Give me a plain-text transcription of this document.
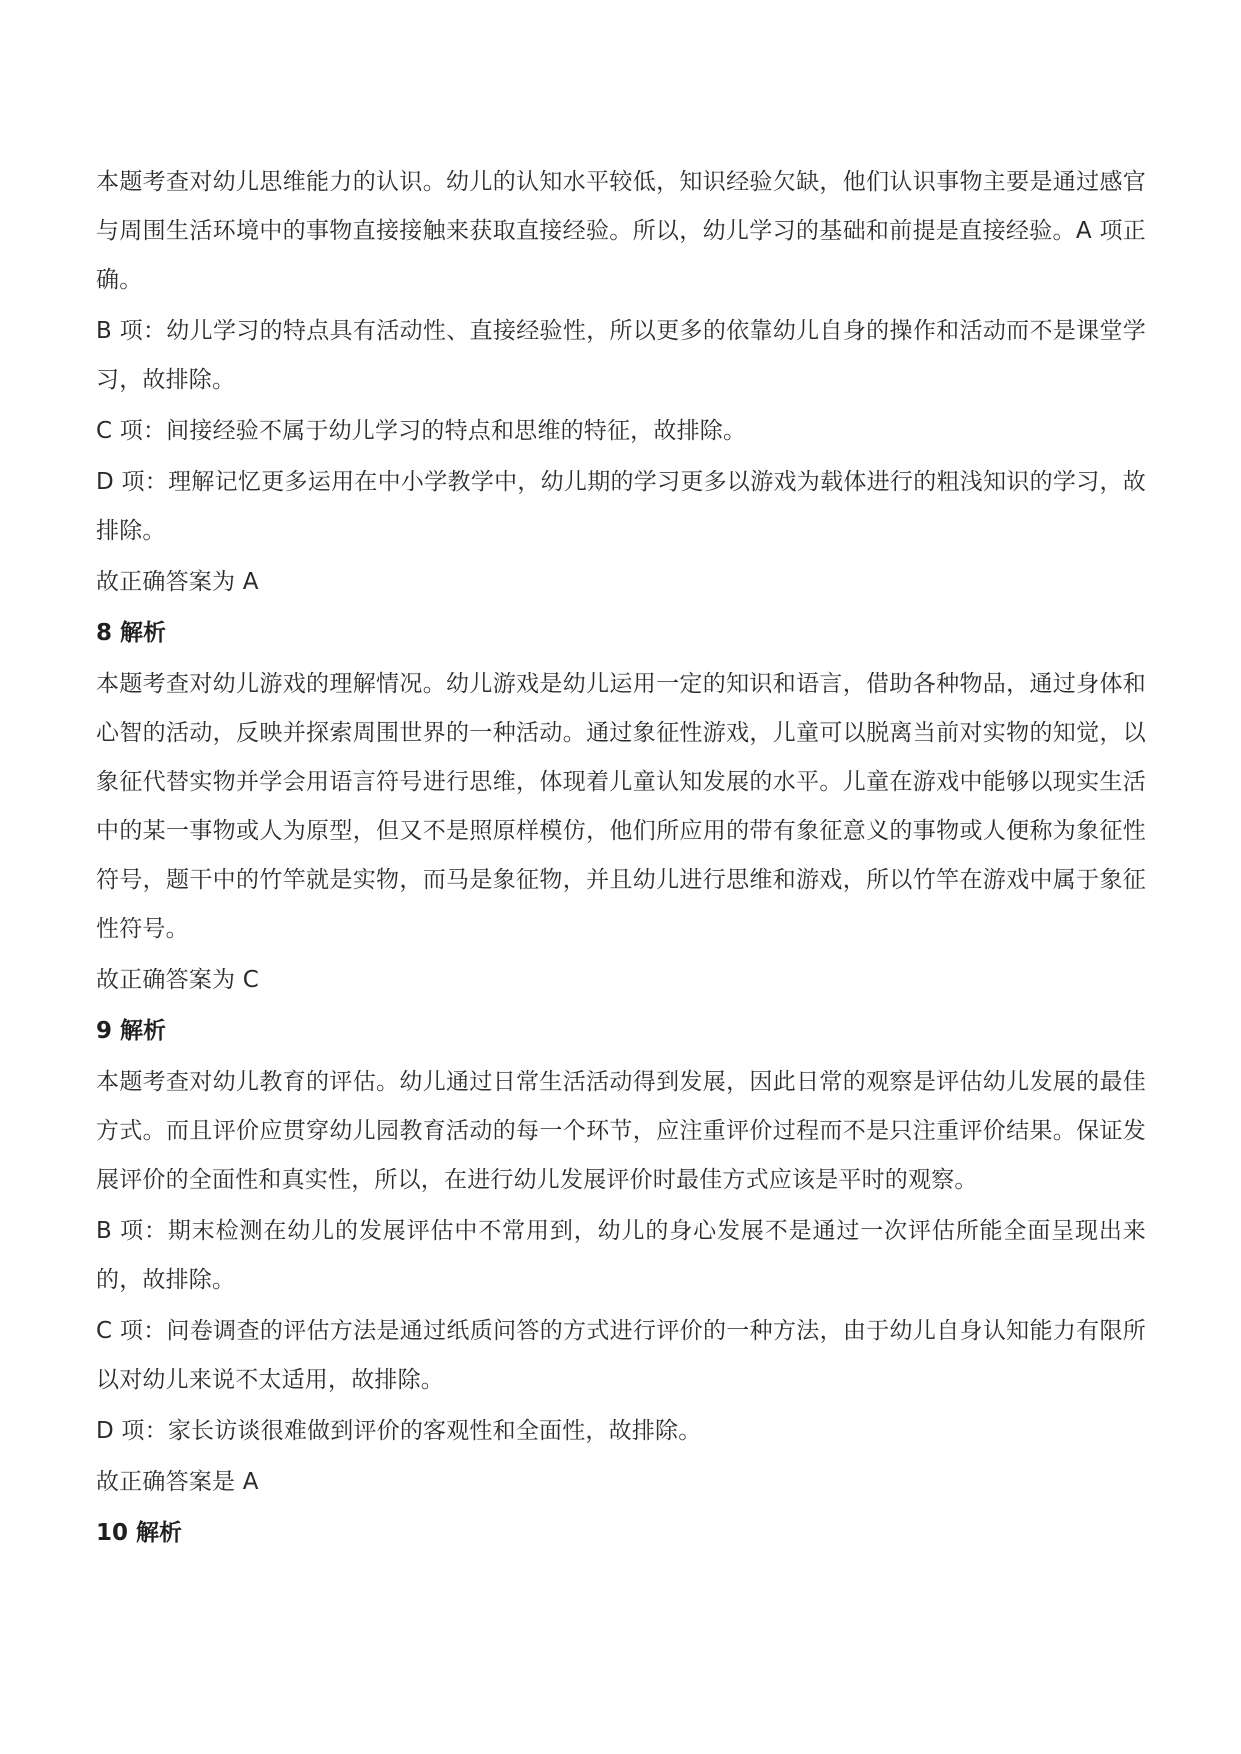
本题考查对幼儿思维能力的认识。幼儿的认知水平较低，知识经验欠缺，他们认识事物主要是通过感官与周围生活环境中的事物直接接触来获取直接经验。所以，幼儿学习的基础和前提是直接经验。A 项正确。

B 项：幼儿学习的特点具有活动性、直接经验性，所以更多的依靠幼儿自身的操作和活动而不是课堂学习，故排除。

C 项：间接经验不属于幼儿学习的特点和思维的特征，故排除。

D 项：理解记忆更多运用在中小学教学中，幼儿期的学习更多以游戏为载体进行的粗浅知识的学习，故排除。

故正确答案为 A

8 解析

本题考查对幼儿游戏的理解情况。幼儿游戏是幼儿运用一定的知识和语言，借助各种物品，通过身体和心智的活动，反映并探索周围世界的一种活动。通过象征性游戏，儿童可以脱离当前对实物的知觉，以象征代替实物并学会用语言符号进行思维，体现着儿童认知发展的水平。儿童在游戏中能够以现实生活中的某一事物或人为原型，但又不是照原样模仿，他们所应用的带有象征意义的事物或人便称为象征性符号，题干中的竹竿就是实物，而马是象征物，并且幼儿进行思维和游戏，所以竹竿在游戏中属于象征性符号。

故正确答案为 C

9 解析

本题考查对幼儿教育的评估。幼儿通过日常生活活动得到发展，因此日常的观察是评估幼儿发展的最佳方式。而且评价应贯穿幼儿园教育活动的每一个环节，应注重评价过程而不是只注重评价结果。保证发展评价的全面性和真实性，所以，在进行幼儿发展评价时最佳方式应该是平时的观察。

B 项：期末检测在幼儿的发展评估中不常用到，幼儿的身心发展不是通过一次评估所能全面呈现出来的，故排除。

C 项：问卷调查的评估方法是通过纸质问答的方式进行评价的一种方法，由于幼儿自身认知能力有限所以对幼儿来说不太适用，故排除。

D 项：家长访谈很难做到评价的客观性和全面性，故排除。

故正确答案是 A

10 解析
